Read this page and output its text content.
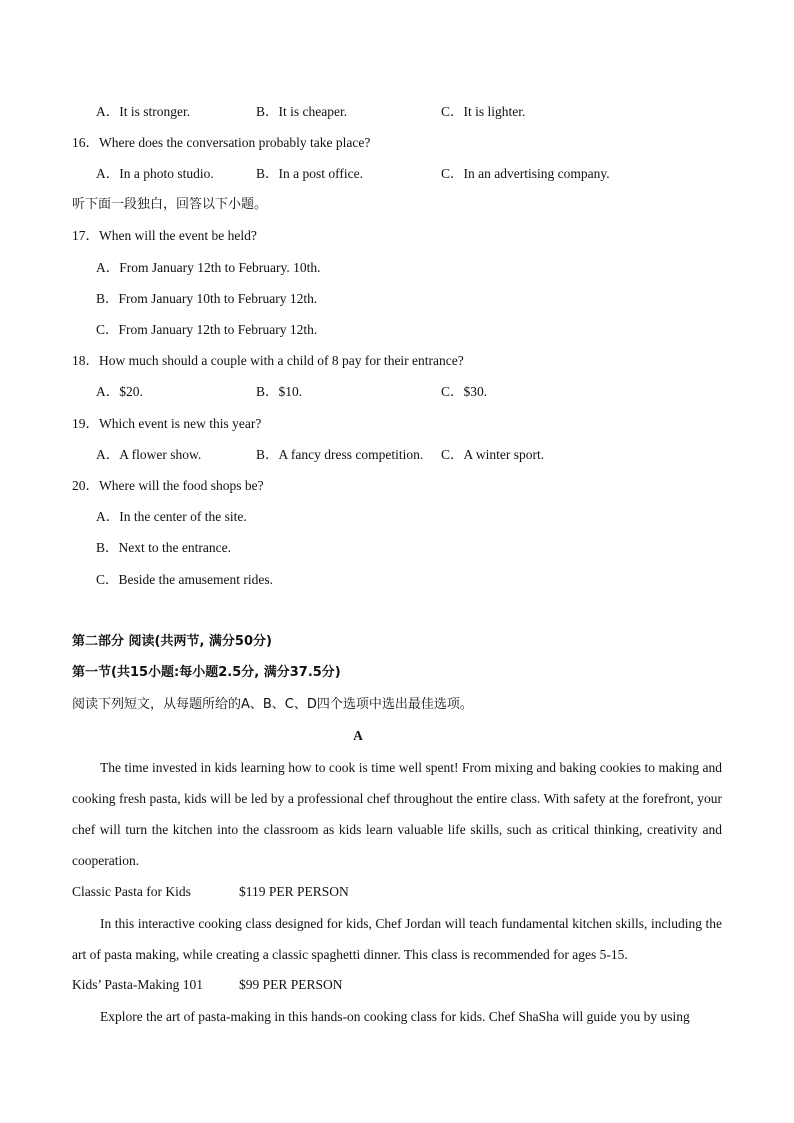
A．It is stronger.	B．It is cheaper.	C．It is lighter.
16．Where does the conversation probably take place?
A．In a photo studio.	B．In a post office.	C．In an advertising company.
听下面一段独白，回答以下小题。
17．When will the event be held?
A．From January 12th to February. 10th.
B．From January 10th to February 12th.
C．From January 12th to February 12th.
18．How much should a couple with a child of 8 pay for their entrance?
A．$20.	B．$10.	C．$30.
19．Which event is new this year?
A．A flower show.	B．A fancy dress competition. C．A winter sport.
20．Where will the food shops be?
A．In the center of the site.
B．Next to the entrance.
C．Beside the amusement rides.
第二部分 阅读(共两节, 满分50分)
第一节(共15小题:每小题2.5分, 满分37.5分)
阅读下列短文，从每题所给的A、B、C、D四个选项中选出最佳选项。
A
The time invested in kids learning how to cook is time well spent! From mixing and baking cookies to making and cooking fresh pasta, kids will be led by a professional chef throughout the entire class. With safety at the forefront, your chef will turn the kitchen into the classroom as kids learn valuable life skills, such as critical thinking, creativity and cooperation.
Classic Pasta for Kids	$119 PER PERSON
In this interactive cooking class designed for kids, Chef Jordan will teach fundamental kitchen skills, including the art of pasta making, while creating a classic spaghetti dinner. This class is recommended for ages 5-15.
Kids’ Pasta-Making 101	$99 PER PERSON
Explore the art of pasta-making in this hands-on cooking class for kids. Chef ShaSha will guide you by using
